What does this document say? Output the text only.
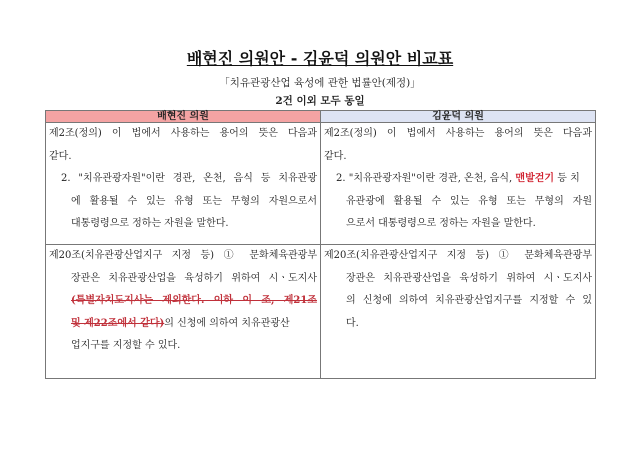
배현진 의원안 - 김윤덕 의원안 비교표
「치유관광산업 육성에 관한 법률안(제정)」
2건 이외 모두 동일
배현진 의원	김윤덕 의원

제2조(정의) 이 법에서 사용하는 용어의 뜻은 다음과
같다.
2. "치유관광자원"이란 경관, 온천, 음식 등 치유관광
에 활용될 수 있는 유형 또는 무형의 자원으로서
대통령령으로 정하는 자원을 말한다.	제2조(정의) 이 법에서 사용하는 용어의 뜻은 다음과
같다.
2. "치유관광자원"이란 경관, 온천, 음식, 맨발걷기 등 치
유관광에 활용될 수 있는 유형 또는 무형의 자원
으로서 대통령령으로 정하는 자원을 말한다.

제20조(치유관광산업지구 지정 등) ① 문화체육관광부
장관은 치유관광산업을 육성하기 위하여 시ㆍ도지사
(특별자치도지사는 제외한다. 이하 이 조, 제21조
및 제22조에서 같다)의 신청에 의하여 치유관광산
업지구를 지정할 수 있다.	제20조(치유관광산업지구 지정 등) ① 문화체육관광부
장관은 치유관광산업을 육성하기 위하여 시ㆍ도지사
의 신청에 의하여 치유관광산업지구를 지정할 수 있
다.
